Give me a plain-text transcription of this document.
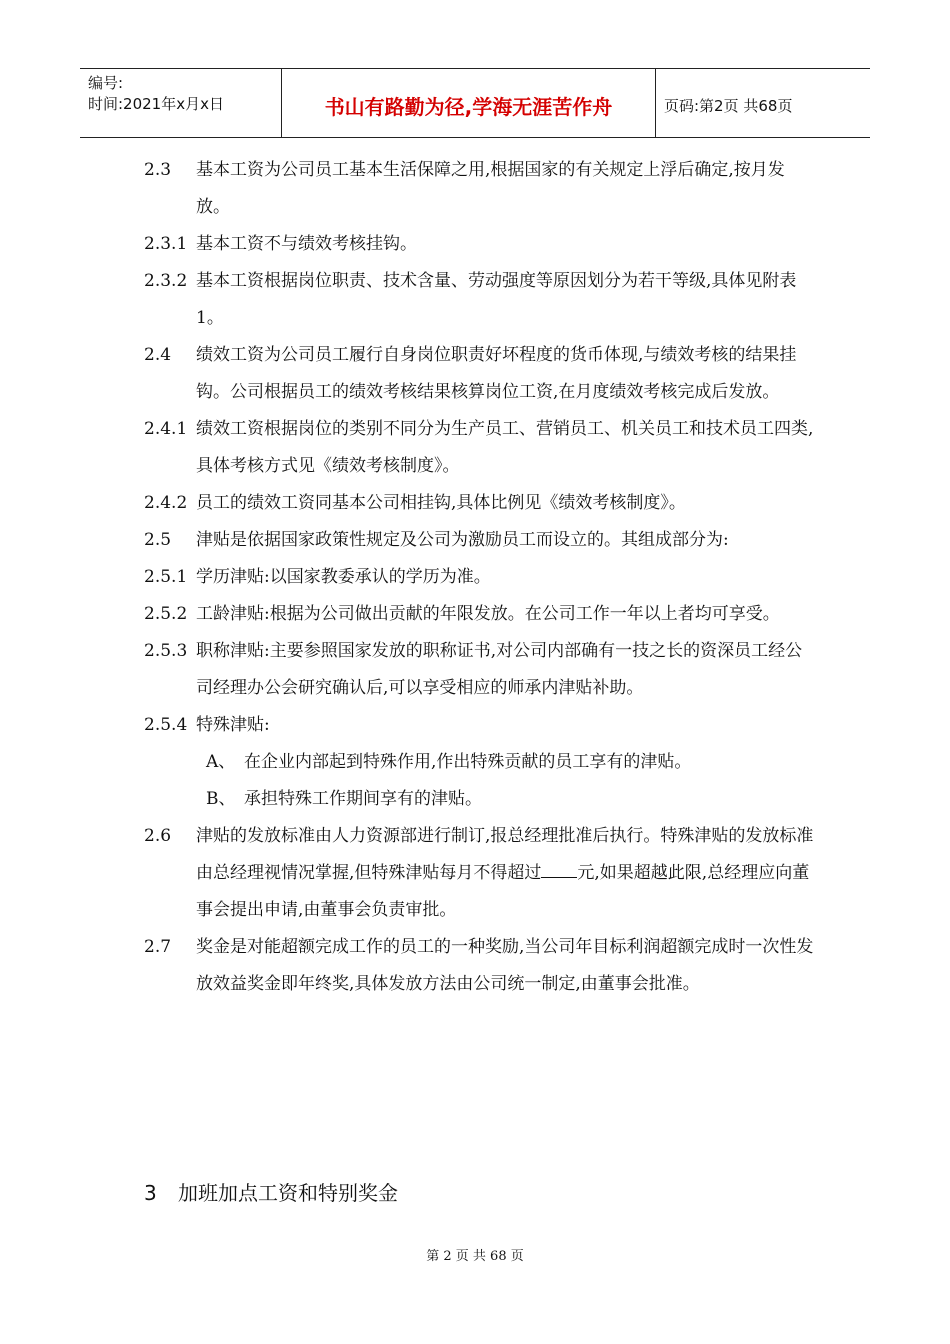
编号:
时间:2021年x月x日	书山有路勤为径,学海无涯苦作舟	页码:第2页 共68页
2.3	基本工资为公司员工基本生活保障之用,根据国家的有关规定上浮后确定,按月发放。
2.3.1 基本工资不与绩效考核挂钩。
2.3.2 基本工资根据岗位职责、技术含量、劳动强度等原因划分为若干等级,具体见附表1。
2.4	绩效工资为公司员工履行自身岗位职责好坏程度的货币体现,与绩效考核的结果挂钩。公司根据员工的绩效考核结果核算岗位工资,在月度绩效考核完成后发放。
2.4.1 绩效工资根据岗位的类别不同分为生产员工、营销员工、机关员工和技术员工四类,具体考核方式见《绩效考核制度》。
2.4.2 员工的绩效工资同基本公司相挂钩,具体比例见《绩效考核制度》。
2.5	津贴是依据国家政策性规定及公司为激励员工而设立的。其组成部分为:
2.5.1 学历津贴:以国家教委承认的学历为准。
2.5.2 工龄津贴:根据为公司做出贡献的年限发放。在公司工作一年以上者均可享受。
2.5.3 职称津贴:主要参照国家发放的职称证书,对公司内部确有一技之长的资深员工经公司经理办公会研究确认后,可以享受相应的师承内津贴补助。
2.5.4 特殊津贴:
A、 在企业内部起到特殊作用,作出特殊贡献的员工享有的津贴。
B、 承担特殊工作期间享有的津贴。
2.6	津贴的发放标准由人力资源部进行制订,报总经理批准后执行。特殊津贴的发放标准由总经理视情况掌握,但特殊津贴每月不得超过 元,如果超越此限,总经理应向董事会提出申请,由董事会负责审批。
2.7	奖金是对能超额完成工作的员工的一种奖励,当公司年目标利润超额完成时一次性发放效益奖金即年终奖,具体发放方法由公司统一制定,由董事会批准。
3 加班加点工资和特别奖金
第 2 页 共 68 页
